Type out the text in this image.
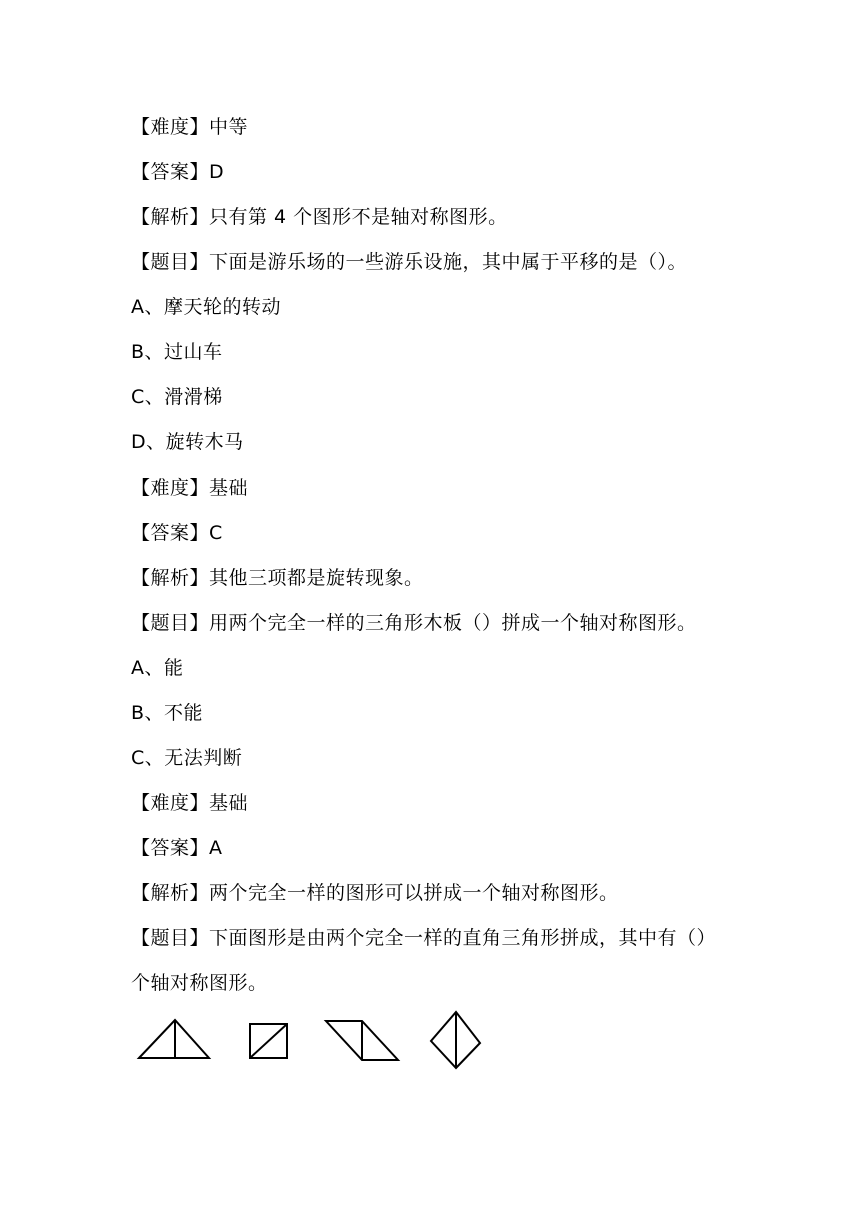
【难度】中等
【答案】D
【解析】只有第 4 个图形不是轴对称图形。
【题目】下面是游乐场的一些游乐设施，其中属于平移的是（）。
A、摩天轮的转动
B、过山车
C、滑滑梯
D、旋转木马
【难度】基础
【答案】C
【解析】其他三项都是旋转现象。
【题目】用两个完全一样的三角形木板（）拼成一个轴对称图形。
A、能
B、不能
C、无法判断
【难度】基础
【答案】A
【解析】两个完全一样的图形可以拼成一个轴对称图形。
【题目】下面图形是由两个完全一样的直角三角形拼成，其中有（）
个轴对称图形。
